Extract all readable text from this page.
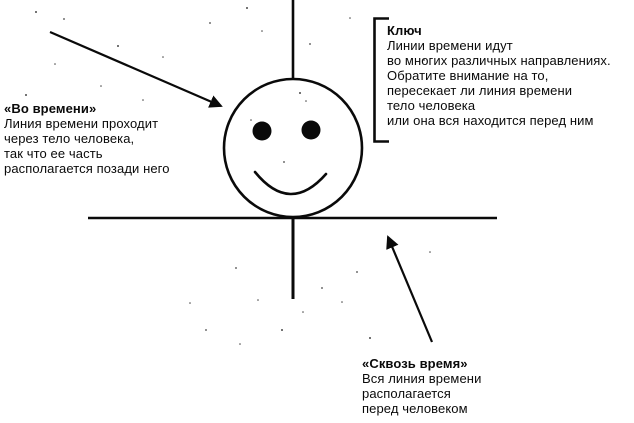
«Во времени»
Линия времени проходит
через тело человека,
так что ее часть
располагается позади него
Ключ
Линии времени идут
во многих различных направлениях.
Обратите внимание на то,
пересекает ли линия времени
тело человека
или она вся находится перед ним
«Сквозь время»
Вся линия времени
располагается
перед человеком
